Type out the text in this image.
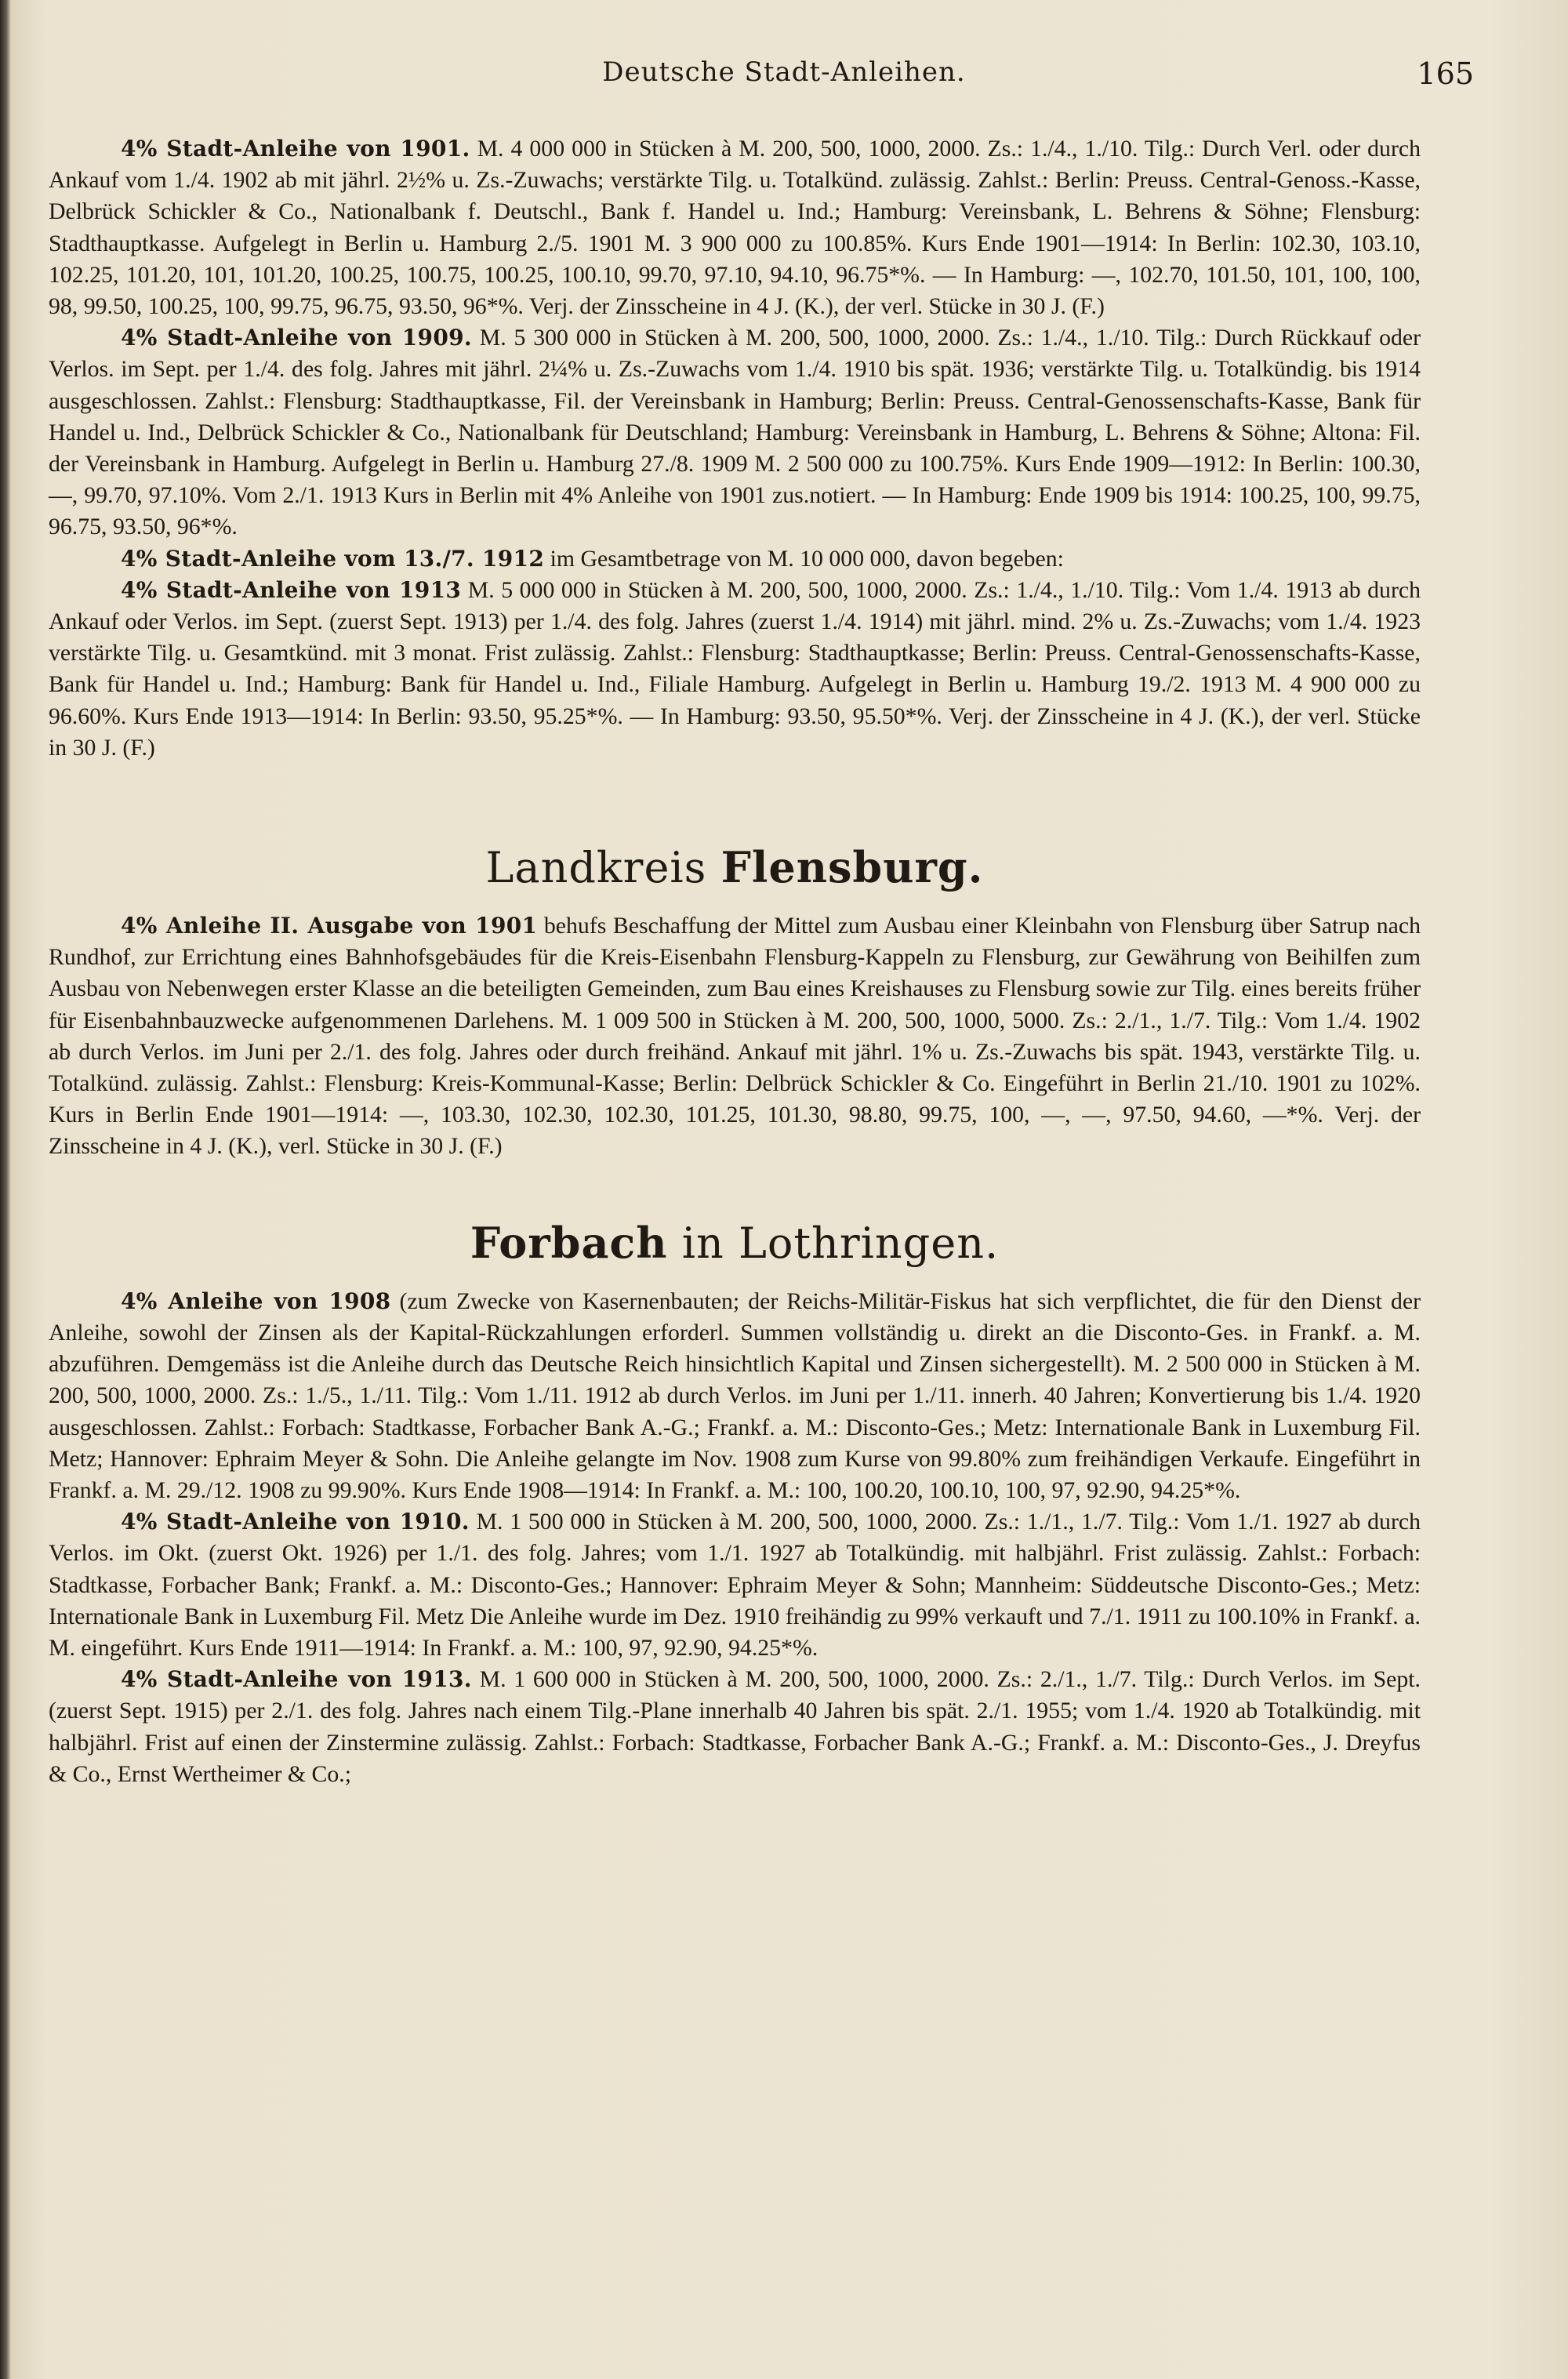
Deutsche Stadt-Anleihen.	165

4% Stadt-Anleihe von 1901. M. 4 000 000 in Stücken à M. 200, 500, 1000, 2000. Zs.: 1./4., 1./10. Tilg.: Durch Verl. oder durch Ankauf vom 1./4. 1902 ab mit jährl. 2½% u. Zs.-Zuwachs; verstärkte Tilg. u. Totalkünd. zulässig. Zahlst.: Berlin: Preuss. Central-Genoss.-Kasse, Delbrück Schickler & Co., Nationalbank f. Deutschl., Bank f. Handel u. Ind.; Hamburg: Vereinsbank, L. Behrens & Söhne; Flensburg: Stadthauptkasse. Aufgelegt in Berlin u. Hamburg 2./5. 1901 M. 3 900 000 zu 100.85%. Kurs Ende 1901—1914: In Berlin: 102.30, 103.10, 102.25, 101.20, 101, 101.20, 100.25, 100.75, 100.25, 100.10, 99.70, 97.10, 94.10, 96.75*%. — In Hamburg: —, 102.70, 101.50, 101, 100, 100, 98, 99.50, 100.25, 100, 99.75, 96.75, 93.50, 96*%. Verj. der Zinsscheine in 4 J. (K.), der verl. Stücke in 30 J. (F.)

4% Stadt-Anleihe von 1909. M. 5 300 000 in Stücken à M. 200, 500, 1000, 2000. Zs.: 1./4., 1./10. Tilg.: Durch Rückkauf oder Verlos. im Sept. per 1./4. des folg. Jahres mit jährl. 2¼% u. Zs.-Zuwachs vom 1./4. 1910 bis spät. 1936; verstärkte Tilg. u. Totalkündig. bis 1914 ausgeschlossen. Zahlst.: Flensburg: Stadthauptkasse, Fil. der Vereinsbank in Hamburg; Berlin: Preuss. Central-Genossenschafts-Kasse, Bank für Handel u. Ind., Delbrück Schickler & Co., Nationalbank für Deutschland; Hamburg: Vereinsbank in Hamburg, L. Behrens & Söhne; Altona: Fil. der Vereinsbank in Hamburg. Aufgelegt in Berlin u. Hamburg 27./8. 1909 M. 2 500 000 zu 100.75%. Kurs Ende 1909—1912: In Berlin: 100.30, —, 99.70, 97.10%. Vom 2./1. 1913 Kurs in Berlin mit 4% Anleihe von 1901 zus.notiert. — In Hamburg: Ende 1909 bis 1914: 100.25, 100, 99.75, 96.75, 93.50, 96*%.

4% Stadt-Anleihe vom 13./7. 1912 im Gesamtbetrage von M. 10 000 000, davon begeben:

4% Stadt-Anleihe von 1913 M. 5 000 000 in Stücken à M. 200, 500, 1000, 2000. Zs.: 1./4., 1./10. Tilg.: Vom 1./4. 1913 ab durch Ankauf oder Verlos. im Sept. (zuerst Sept. 1913) per 1./4. des folg. Jahres (zuerst 1./4. 1914) mit jährl. mind. 2% u. Zs.-Zuwachs; vom 1./4. 1923 verstärkte Tilg. u. Gesamtkünd. mit 3 monat. Frist zulässig. Zahlst.: Flensburg: Stadthauptkasse; Berlin: Preuss. Central-Genossenschafts-Kasse, Bank für Handel u. Ind.; Hamburg: Bank für Handel u. Ind., Filiale Hamburg. Aufgelegt in Berlin u. Hamburg 19./2. 1913 M. 4 900 000 zu 96.60%. Kurs Ende 1913—1914: In Berlin: 93.50, 95.25*%. — In Hamburg: 93.50, 95.50*%. Verj. der Zinsscheine in 4 J. (K.), der verl. Stücke in 30 J. (F.)

Landkreis Flensburg.

4% Anleihe II. Ausgabe von 1901 behufs Beschaffung der Mittel zum Ausbau einer Kleinbahn von Flensburg über Satrup nach Rundhof, zur Errichtung eines Bahnhofsgebäudes für die Kreis-Eisenbahn Flensburg-Kappeln zu Flensburg, zur Gewährung von Beihilfen zum Ausbau von Nebenwegen erster Klasse an die beteiligten Gemeinden, zum Bau eines Kreishauses zu Flensburg sowie zur Tilg. eines bereits früher für Eisenbahnbauzwecke aufgenommenen Darlehens. M. 1 009 500 in Stücken à M. 200, 500, 1000, 5000. Zs.: 2./1., 1./7. Tilg.: Vom 1./4. 1902 ab durch Verlos. im Juni per 2./1. des folg. Jahres oder durch freihänd. Ankauf mit jährl. 1% u. Zs.-Zuwachs bis spät. 1943, verstärkte Tilg. u. Totalkünd. zulässig. Zahlst.: Flensburg: Kreis-Kommunal-Kasse; Berlin: Delbrück Schickler & Co. Eingeführt in Berlin 21./10. 1901 zu 102%. Kurs in Berlin Ende 1901—1914: —, 103.30, 102.30, 102.30, 101.25, 101.30, 98.80, 99.75, 100, —, —, 97.50, 94.60, —*%. Verj. der Zinsscheine in 4 J. (K.), verl. Stücke in 30 J. (F.)

Forbach in Lothringen.

4% Anleihe von 1908 (zum Zwecke von Kasernenbauten; der Reichs-Militär-Fiskus hat sich verpflichtet, die für den Dienst der Anleihe, sowohl der Zinsen als der Kapital-Rückzahlungen erforderl. Summen vollständig u. direkt an die Disconto-Ges. in Frankf. a. M. abzuführen. Demgemäss ist die Anleihe durch das Deutsche Reich hinsichtlich Kapital und Zinsen sichergestellt). M. 2 500 000 in Stücken à M. 200, 500, 1000, 2000. Zs.: 1./5., 1./11. Tilg.: Vom 1./11. 1912 ab durch Verlos. im Juni per 1./11. innerh. 40 Jahren; Konvertierung bis 1./4. 1920 ausgeschlossen. Zahlst.: Forbach: Stadtkasse, Forbacher Bank A.-G.; Frankf. a. M.: Disconto-Ges.; Metz: Internationale Bank in Luxemburg Fil. Metz; Hannover: Ephraim Meyer & Sohn. Die Anleihe gelangte im Nov. 1908 zum Kurse von 99.80% zum freihändigen Verkaufe. Eingeführt in Frankf. a. M. 29./12. 1908 zu 99.90%. Kurs Ende 1908—1914: In Frankf. a. M.: 100, 100.20, 100.10, 100, 97, 92.90, 94.25*%.

4% Stadt-Anleihe von 1910. M. 1 500 000 in Stücken à M. 200, 500, 1000, 2000. Zs.: 1./1., 1./7. Tilg.: Vom 1./1. 1927 ab durch Verlos. im Okt. (zuerst Okt. 1926) per 1./1. des folg. Jahres; vom 1./1. 1927 ab Totalkündig. mit halbjährl. Frist zulässig. Zahlst.: Forbach: Stadtkasse, Forbacher Bank; Frankf. a. M.: Disconto-Ges.; Hannover: Ephraim Meyer & Sohn; Mannheim: Süddeutsche Disconto-Ges.; Metz: Internationale Bank in Luxemburg Fil. Metz Die Anleihe wurde im Dez. 1910 freihändig zu 99% verkauft und 7./1. 1911 zu 100.10% in Frankf. a. M. eingeführt. Kurs Ende 1911—1914: In Frankf. a. M.: 100, 97, 92.90, 94.25*%.

4% Stadt-Anleihe von 1913. M. 1 600 000 in Stücken à M. 200, 500, 1000, 2000. Zs.: 2./1., 1./7. Tilg.: Durch Verlos. im Sept. (zuerst Sept. 1915) per 2./1. des folg. Jahres nach einem Tilg.-Plane innerhalb 40 Jahren bis spät. 2./1. 1955; vom 1./4. 1920 ab Totalkündig. mit halbjährl. Frist auf einen der Zinstermine zulässig. Zahlst.: Forbach: Stadtkasse, Forbacher Bank A.-G.; Frankf. a. M.: Disconto-Ges., J. Dreyfus & Co., Ernst Wertheimer & Co.;
